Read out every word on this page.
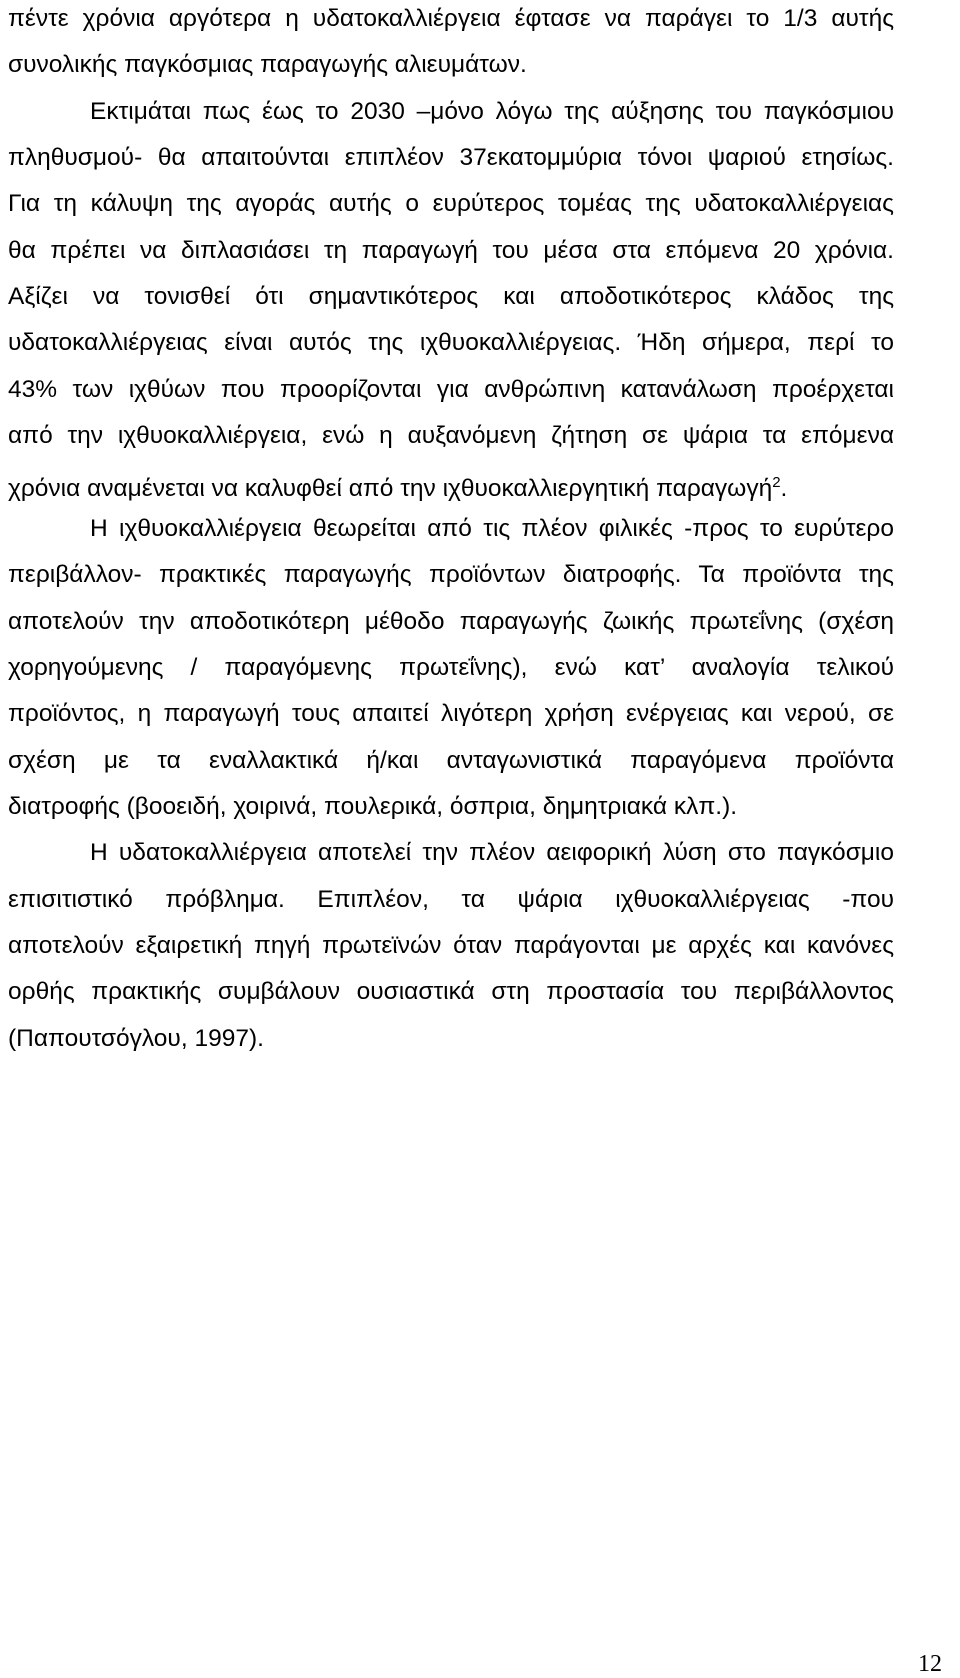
πέντε χρόνια αργότερα η υδατοκαλλιέργεια έφτασε να παράγει το 1/3 αυτής

συνολικής παγκόσμιας παραγωγής αλιευμάτων.

Εκτιμάται πως έως το 2030 –μόνο λόγω της αύξησης του παγκόσμιου

πληθυσμού- θα απαιτούνται επιπλέον 37εκατομμύρια τόνοι ψαριού ετησίως.

Για τη κάλυψη της αγοράς αυτής ο ευρύτερος τομέας της υδατοκαλλιέργειας

θα πρέπει να διπλασιάσει τη παραγωγή του μέσα στα επόμενα 20 χρόνια.

Αξίζει να τονισθεί ότι σημαντικότερος και αποδοτικότερος κλάδος της

υδατοκαλλιέργειας είναι αυτός της ιχθυοκαλλιέργειας. Ήδη σήμερα, περί το

43% των ιχθύων που προορίζονται για ανθρώπινη κατανάλωση προέρχεται

από την ιχθυοκαλλιέργεια, ενώ η αυξανόμενη ζήτηση σε ψάρια τα επόμενα

χρόνια αναμένεται να καλυφθεί από την ιχθυοκαλλιεργητική παραγωγή$^2$.

Η ιχθυοκαλλιέργεια θεωρείται από τις πλέον φιλικές -προς το ευρύτερο

περιβάλλον- πρακτικές παραγωγής προϊόντων διατροφής. Τα προϊόντα της

αποτελούν την αποδοτικότερη μέθοδο παραγωγής ζωικής πρωτεΐνης (σχέση

χορηγούμενης / παραγόμενης πρωτεΐνης), ενώ κατ’ αναλογία τελικού

προϊόντος, η παραγωγή τους απαιτεί λιγότερη χρήση ενέργειας και νερού, σε

σχέση με τα εναλλακτικά ή/και ανταγωνιστικά παραγόμενα προϊόντα

διατροφής (βοοειδή, χοιρινά, πουλερικά, όσπρια, δημητριακά κλπ.).

Η υδατοκαλλιέργεια αποτελεί την πλέον αειφορική λύση στο παγκόσμιο

επισιτιστικό πρόβλημα. Επιπλέον, τα ψάρια ιχθυοκαλλιέργειας -που

αποτελούν εξαιρετική πηγή πρωτεϊνών όταν παράγονται με αρχές και κανόνες

ορθής πρακτικής συμβάλουν ουσιαστικά στη προστασία του περιβάλλοντος

(Παπουτσόγλου, 1997).

12
